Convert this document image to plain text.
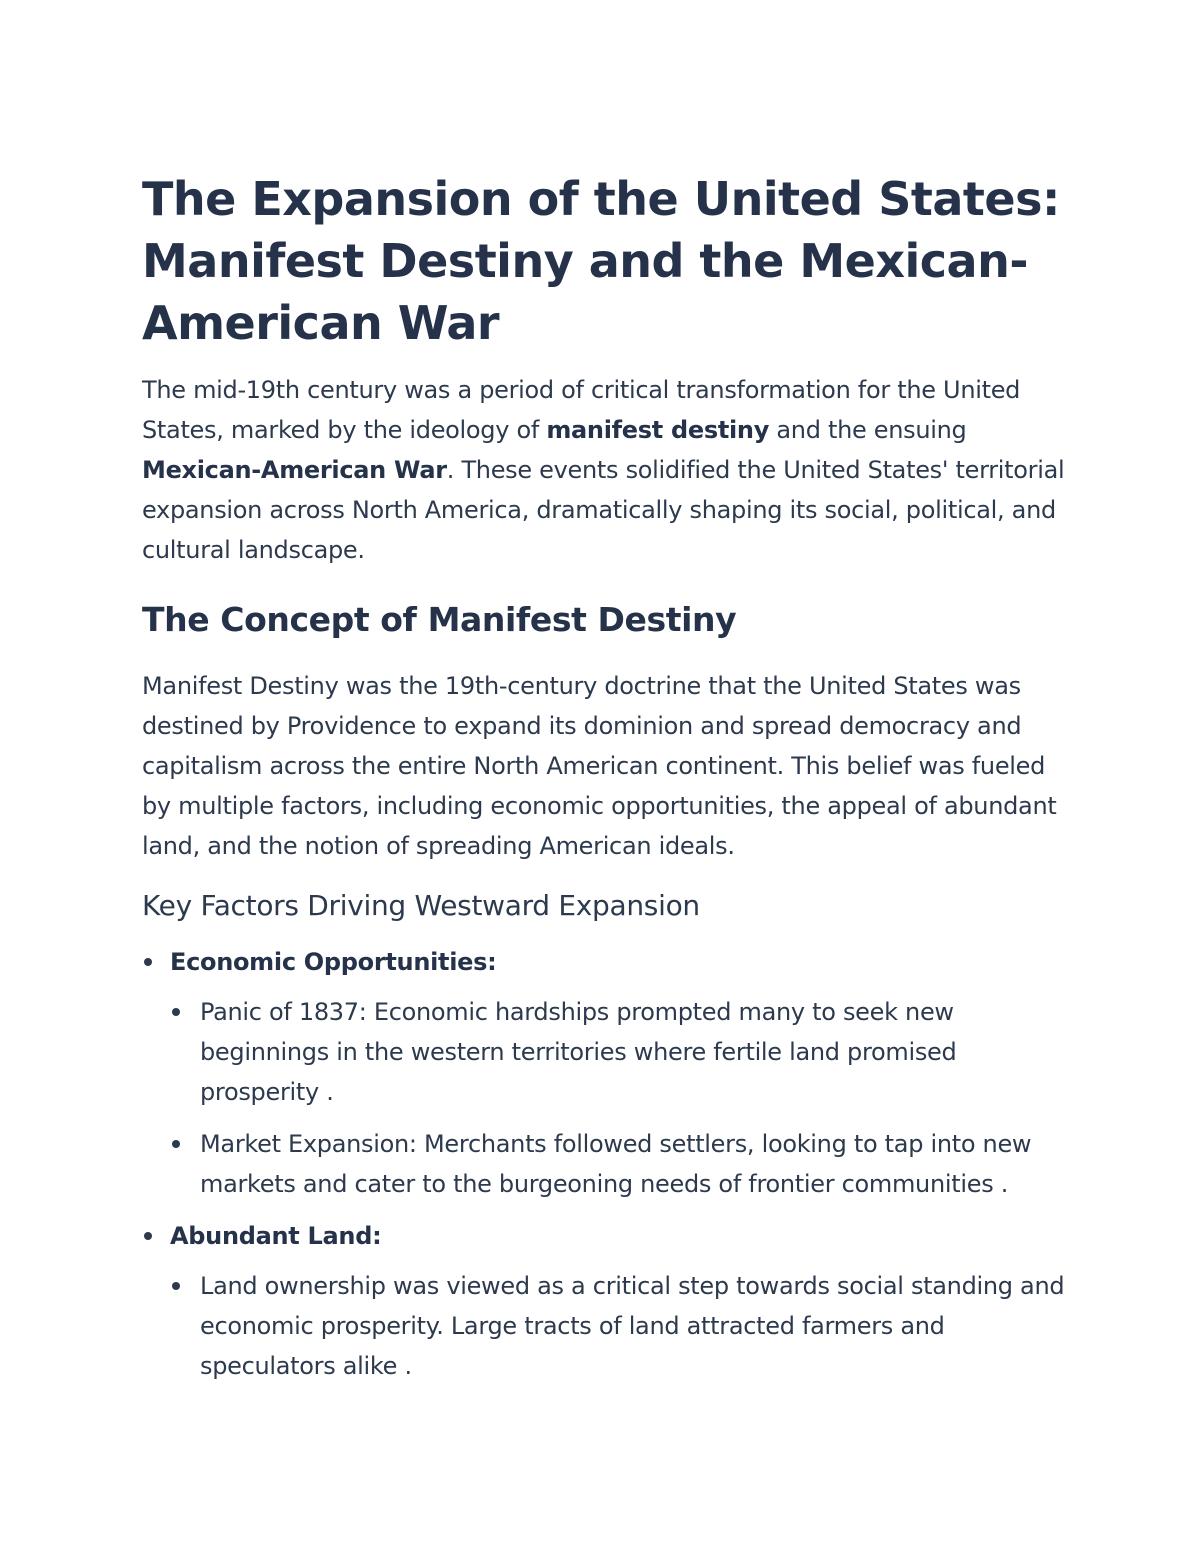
The Expansion of the United States: Manifest Destiny and the Mexican-American War

The mid-19th century was a period of critical transformation for the United States, marked by the ideology of manifest destiny and the ensuing Mexican-American War. These events solidified the United States' territorial expansion across North America, dramatically shaping its social, political, and cultural landscape.

The Concept of Manifest Destiny

Manifest Destiny was the 19th-century doctrine that the United States was destined by Providence to expand its dominion and spread democracy and capitalism across the entire North American continent. This belief was fueled by multiple factors, including economic opportunities, the appeal of abundant land, and the notion of spreading American ideals.

Key Factors Driving Westward Expansion
Economic Opportunities:
Panic of 1837: Economic hardships prompted many to seek new beginnings in the western territories where fertile land promised prosperity .
Market Expansion: Merchants followed settlers, looking to tap into new markets and cater to the burgeoning needs of frontier communities .
Abundant Land:
Land ownership was viewed as a critical step towards social standing and economic prosperity. Large tracts of land attracted farmers and speculators alike .
